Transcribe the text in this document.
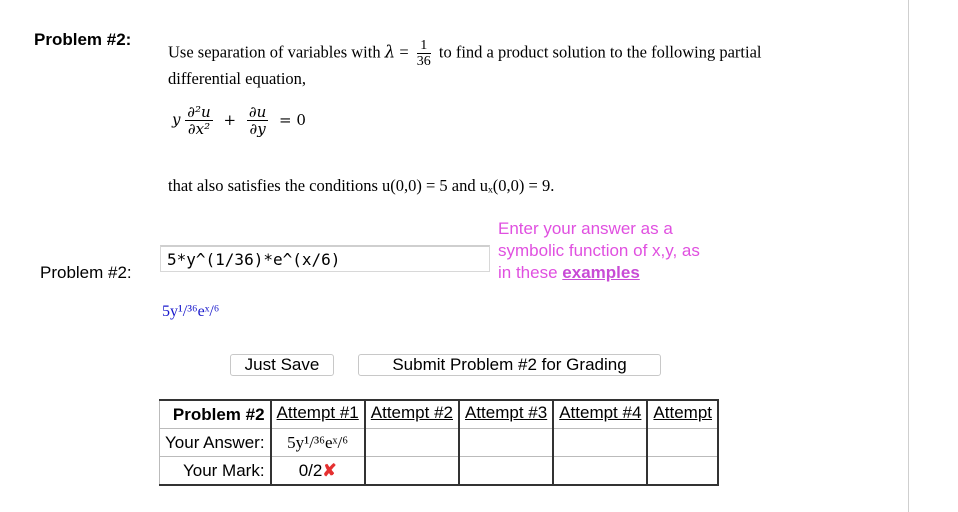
Problem #2:
Use separation of variables with $\lambda = \frac{1}{36}$ to find a product solution to the following partial
differential equation,
y $\frac{\text{∂²u}}{\text{∂x²}} + \frac{\partial u}{\partial y} = 0$
that also satisfies the conditions u(0,0) = 5 and uₓ(0,0) = 9.
Problem #2:
5*y^(1/36)*e^(x/6)
5y¹/³⁶eˣ/⁶
Enter your answer as a symbolic function of x,y, as in these examples
Just Save	Submit Problem #2 for Grading
Problem #2	Attempt #1	Attempt #2	Attempt #3	Attempt #4	Attempt
Your Answer:	5y¹/³⁶eˣ/⁶				
Your Mark:	0/2✘				
